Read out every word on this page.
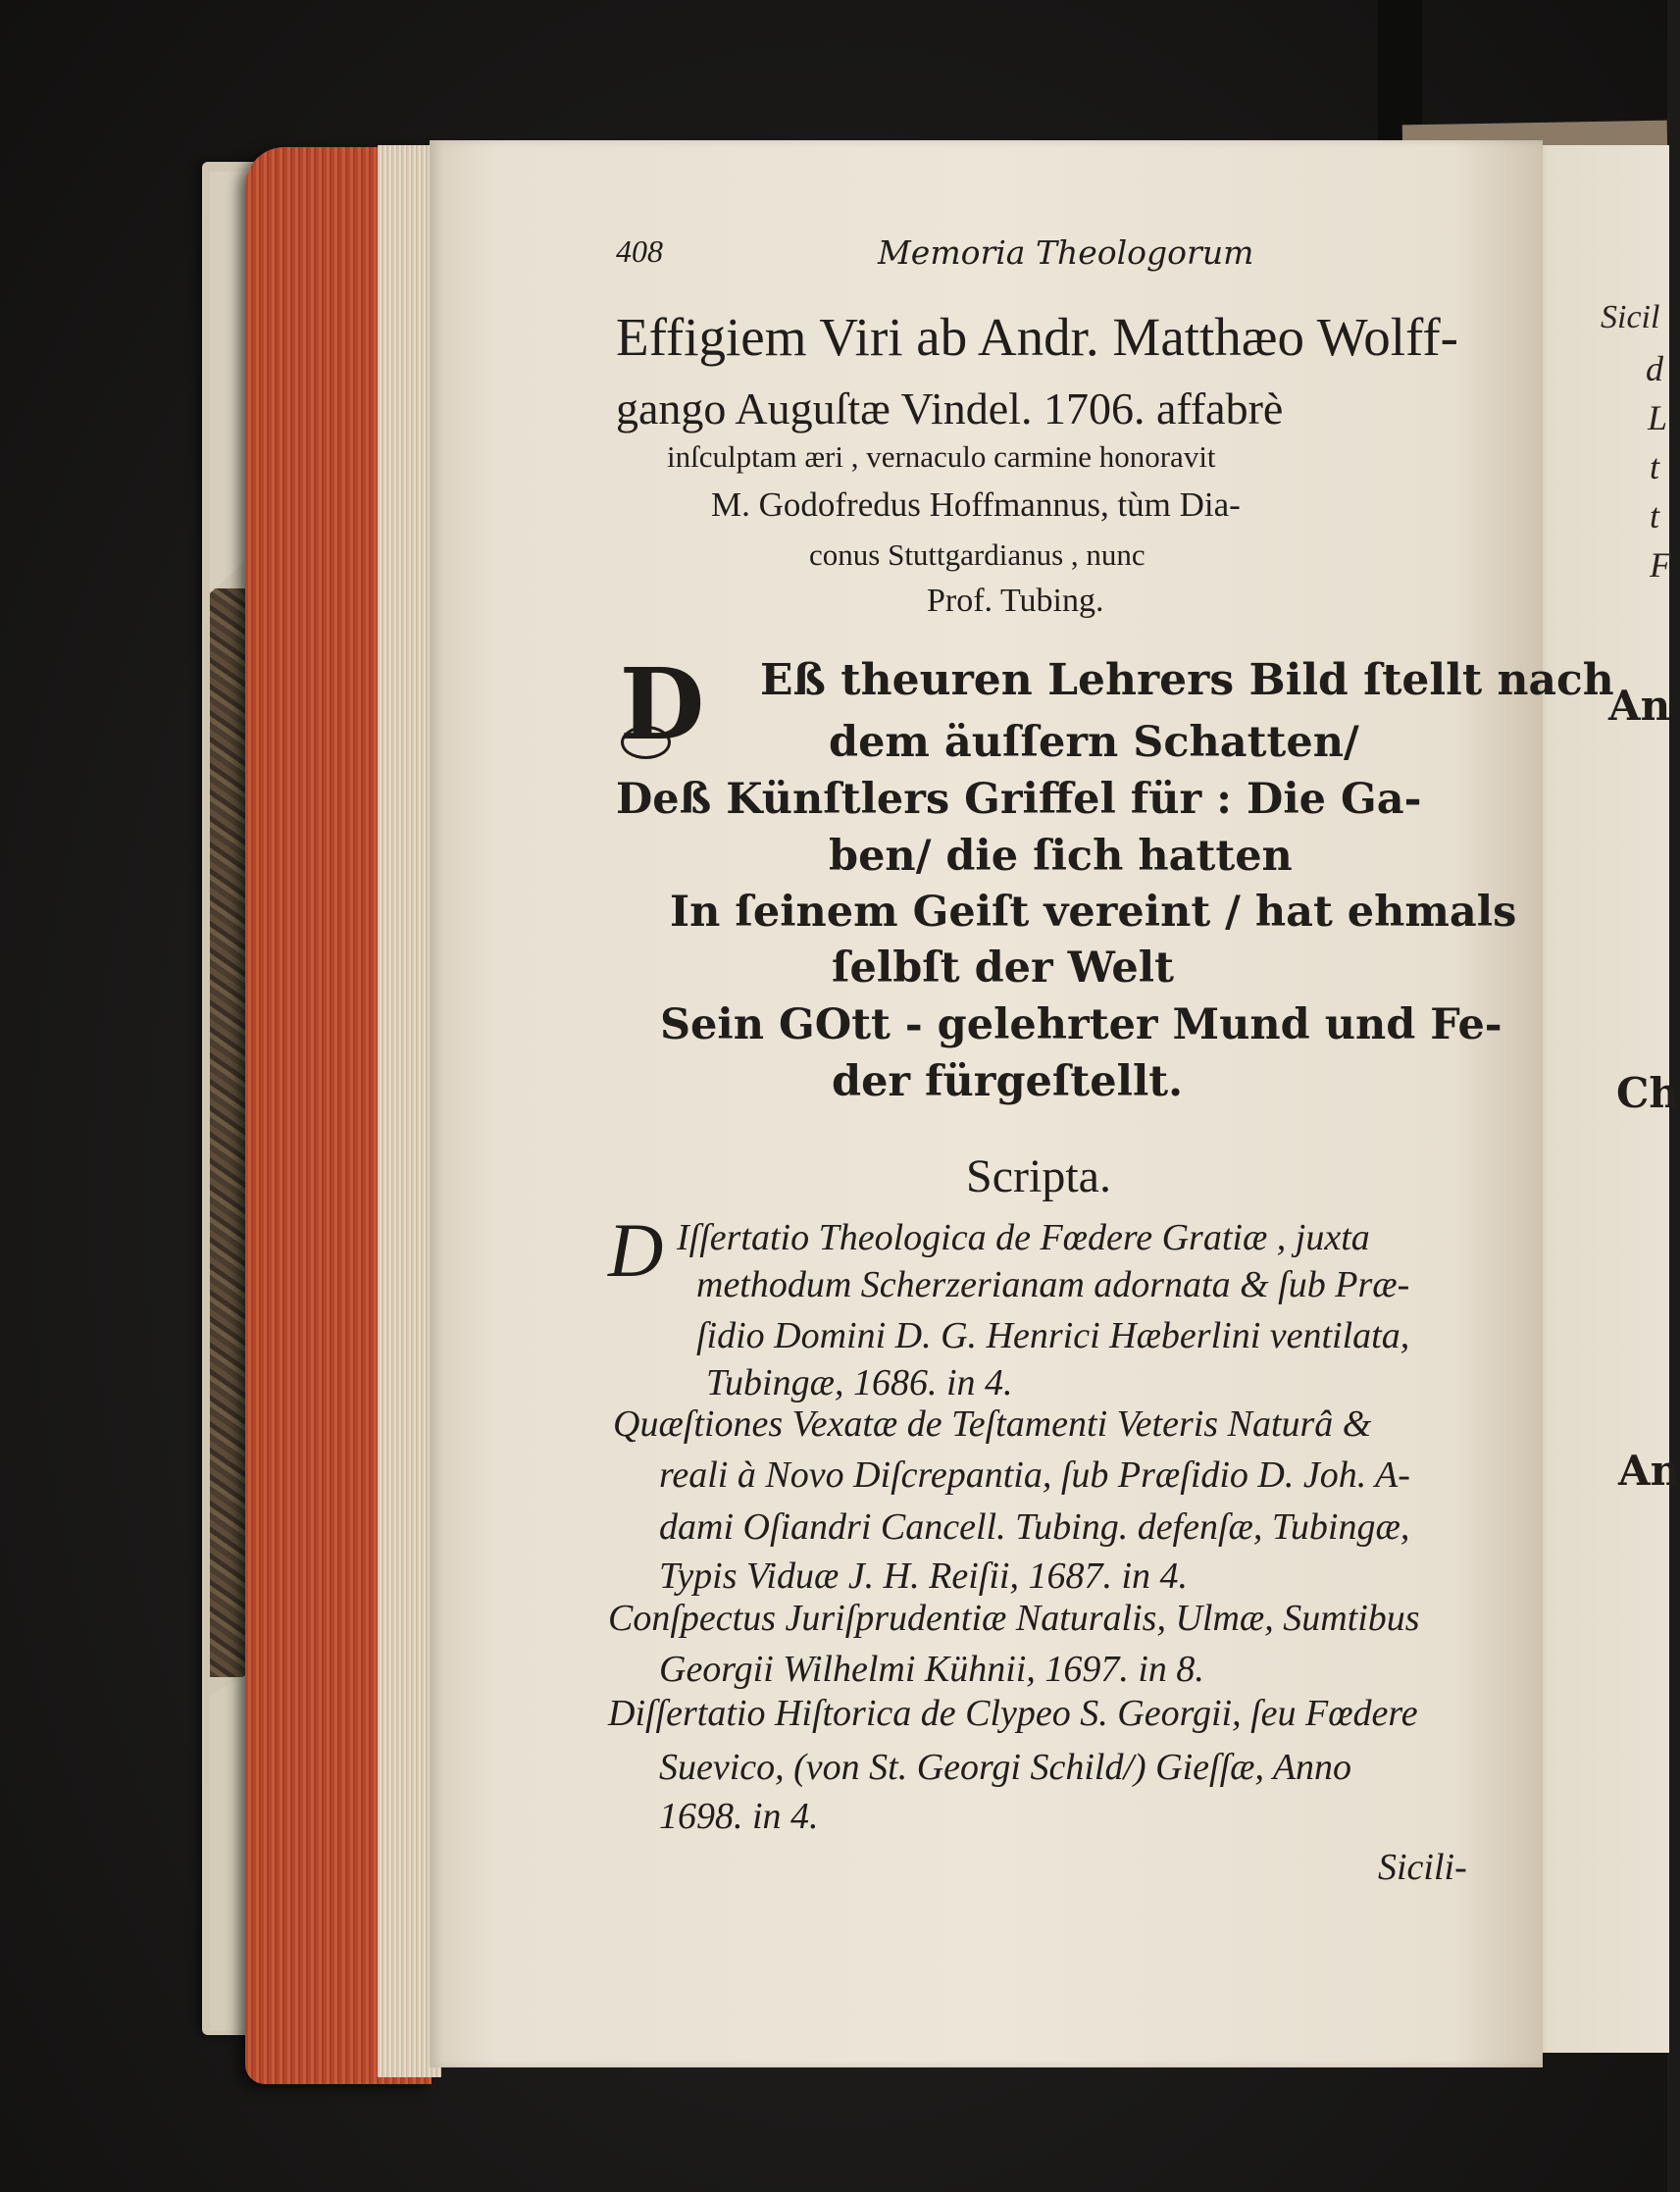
408	Memoria Theologorum
Effigiem Viri ab Andr. Matthæo Wolff-
gango Auguſtæ Vindel. 1706. affabrè
inſculptam æri , vernaculo carmine honoravit
M. Godofredus Hoffmannus, tùm Dia-
conus Stuttgardianus , nunc
Prof. Tubing.
D Eß theuren Lehrers Bild ſtellt nach
dem äuſſern Schatten/
Deß Künſtlers Griffel für : Die Ga-
ben/ die ſich hatten
In ſeinem Geiſt vereint / hat ehmals
ſelbſt der Welt
Sein GOtt - gelehrter Mund und Fe-
der fürgeſtellt.
Scripta.
D Iſſertatio Theologica de Fœdere Gratiæ , juxta
methodum Scherzerianam adornata & ſub Præ-
ſidio Domini D. G. Henrici Hæberlini ventilata,
Tubingæ, 1686. in 4.
Quæſtiones Vexatæ de Teſtamenti Veteris Naturâ &
reali à Novo Diſcrepantia, ſub Præſidio D. Joh. A-
dami Oſiandri Cancell. Tubing. defenſæ, Tubingæ,
Typis Viduæ J. H. Reiſii, 1687. in 4.
Conſpectus Juriſprudentiæ Naturalis, Ulmæ, Sumtibus
Georgii Wilhelmi Kühnii, 1697. in 8.
Diſſertatio Hiſtorica de Clypeo S. Georgii, ſeu Fœdere
Suevico, (von St. Georgi Schild/) Gieſſæ, Anno
1698. in 4.
Sicili-
Sicil
d
L
t
t
F
An
Ch
An
